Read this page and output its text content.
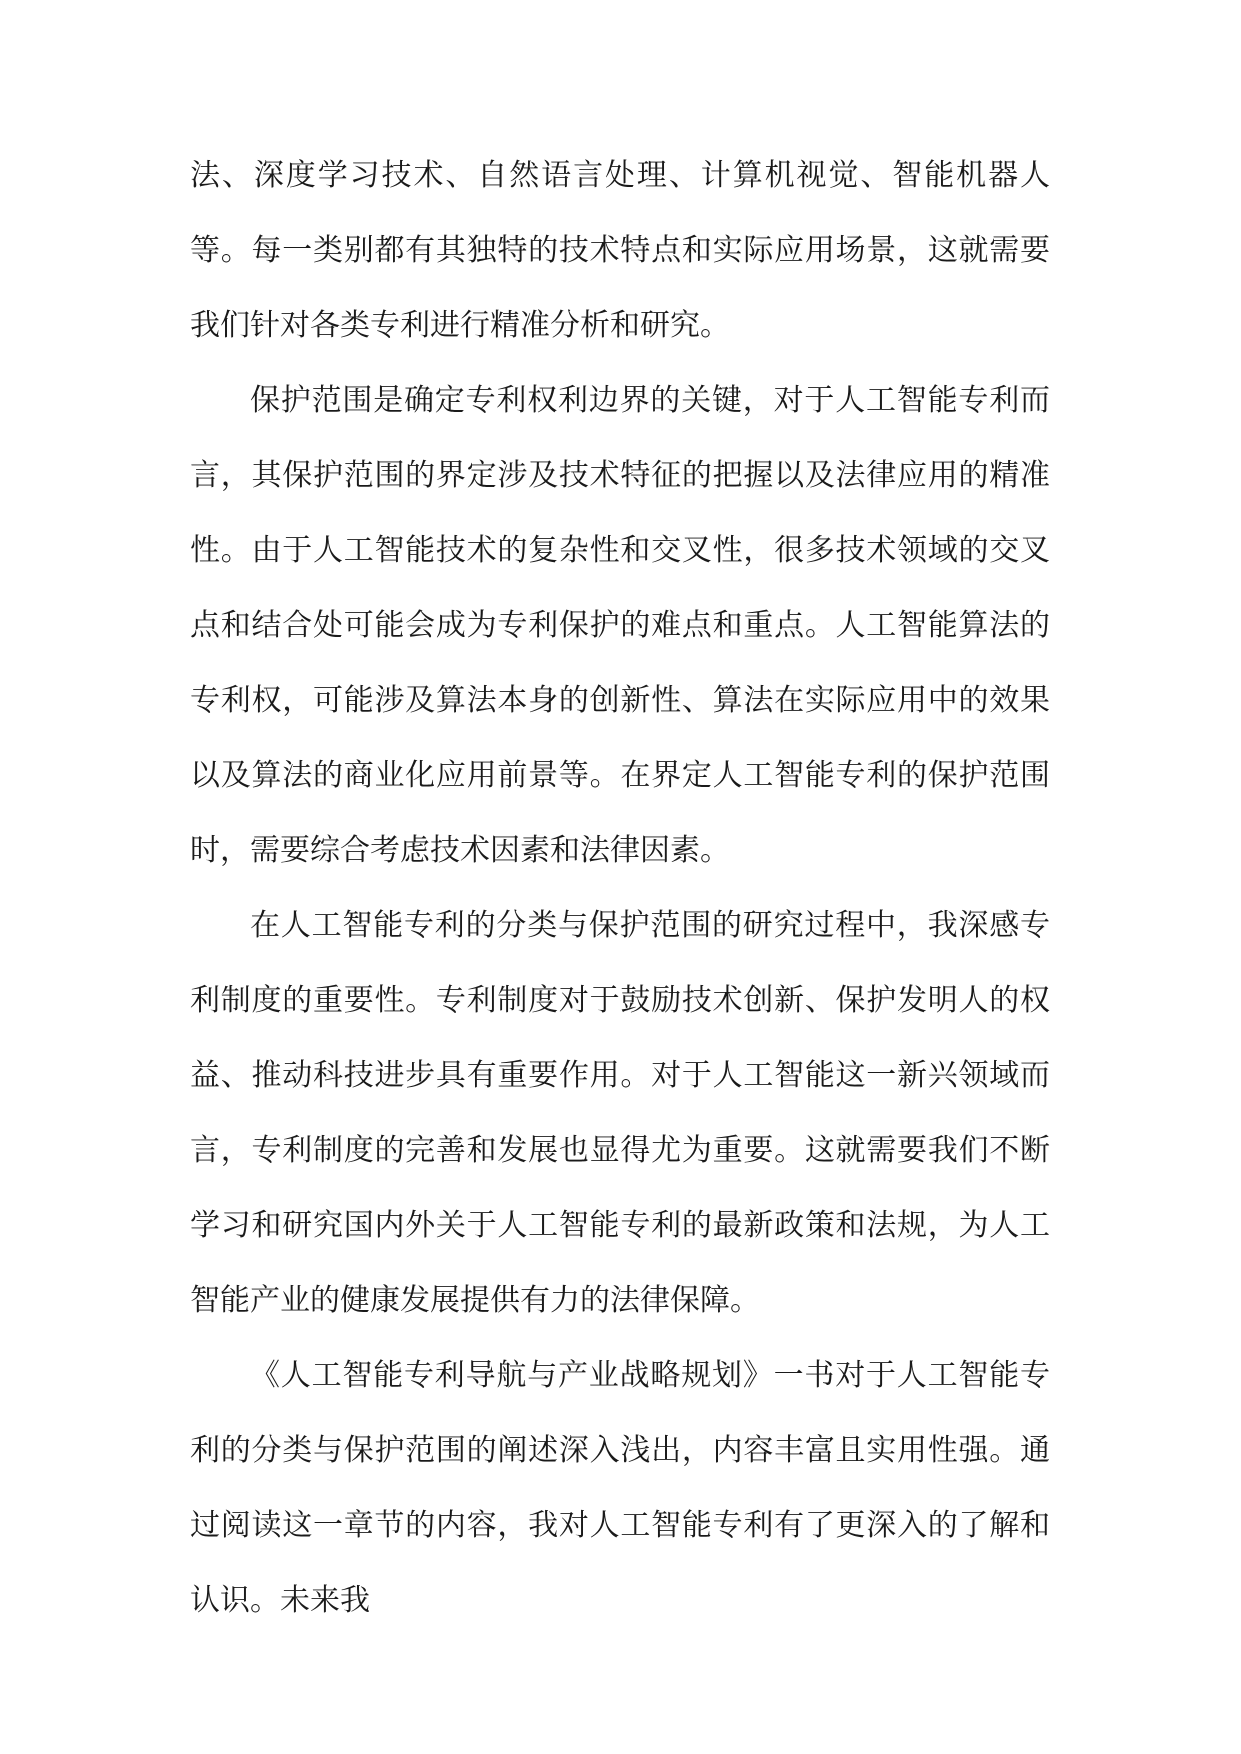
法、深度学习技术、自然语言处理、计算机视觉、智能机器人等。每一类别都有其独特的技术特点和实际应用场景，这就需要我们针对各类专利进行精准分析和研究。

保护范围是确定专利权利边界的关键，对于人工智能专利而言，其保护范围的界定涉及技术特征的把握以及法律应用的精准性。由于人工智能技术的复杂性和交叉性，很多技术领域的交叉点和结合处可能会成为专利保护的难点和重点。人工智能算法的专利权，可能涉及算法本身的创新性、算法在实际应用中的效果以及算法的商业化应用前景等。在界定人工智能专利的保护范围时，需要综合考虑技术因素和法律因素。

在人工智能专利的分类与保护范围的研究过程中，我深感专利制度的重要性。专利制度对于鼓励技术创新、保护发明人的权益、推动科技进步具有重要作用。对于人工智能这一新兴领域而言，专利制度的完善和发展也显得尤为重要。这就需要我们不断学习和研究国内外关于人工智能专利的最新政策和法规，为人工智能产业的健康发展提供有力的法律保障。

《人工智能专利导航与产业战略规划》一书对于人工智能专利的分类与保护范围的阐述深入浅出，内容丰富且实用性强。通过阅读这一章节的内容，我对人工智能专利有了更深入的了解和认识。未来我
